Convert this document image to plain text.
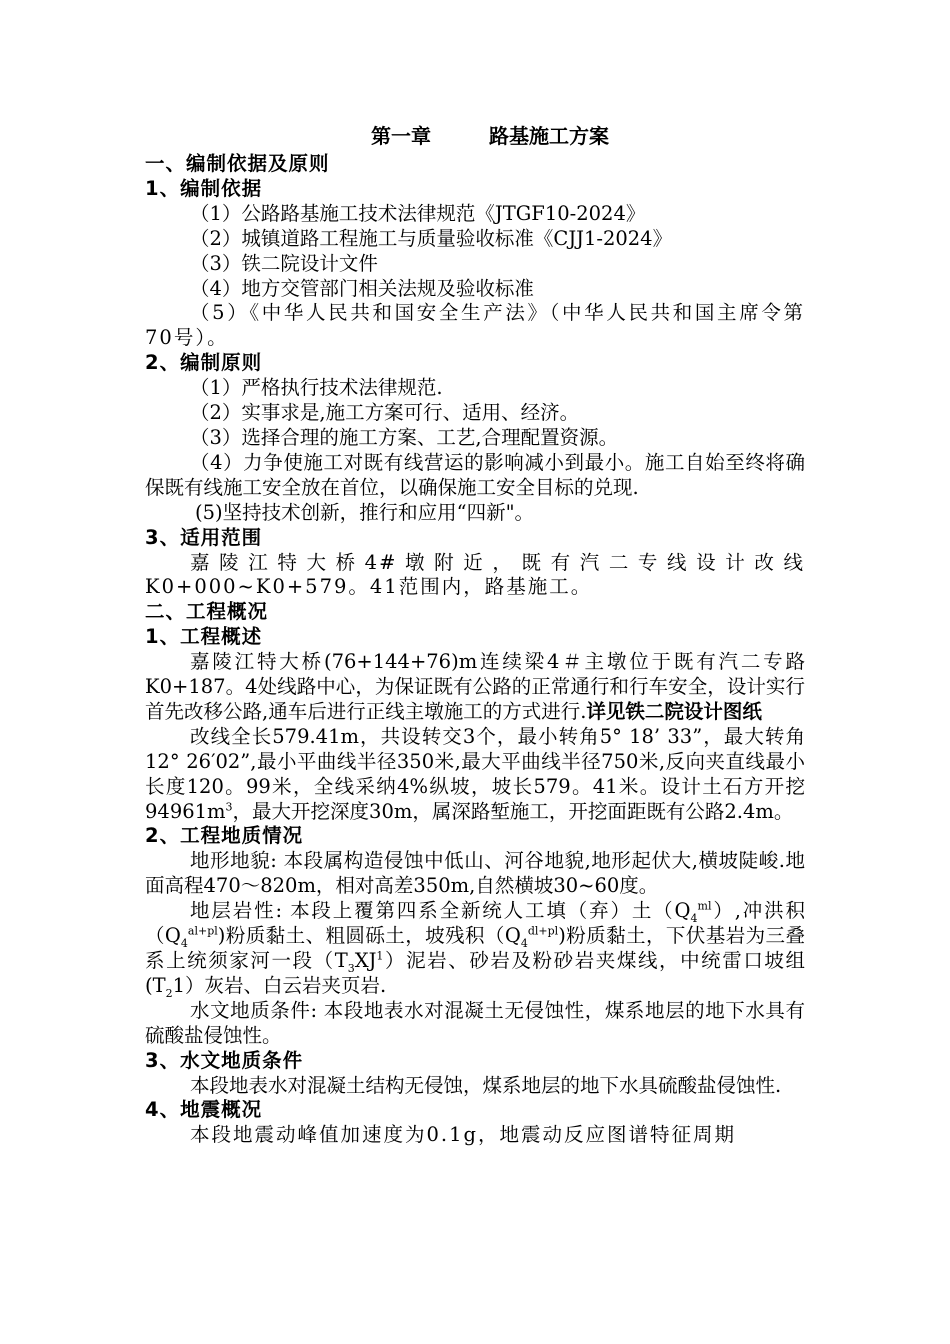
第一章	路基施工方案
一、编制依据及原则
1、编制依据
（1）公路路基施工技术法律规范《JTGF10-2024》
（2）城镇道路工程施工与质量验收标准《CJJ1-2024》
（3）铁二院设计文件
（4）地方交管部门相关法规及验收标准
（5）《中华人民共和国安全生产法》（中华人民共和国主席令第70号）。
2、编制原则
（1）严格执行技术法律规范.
（2）实事求是,施工方案可行、适用、经济。
（3）选择合理的施工方案、工艺,合理配置资源。
（4）力争使施工对既有线营运的影响减小到最小。施工自始至终将确保既有线施工安全放在首位，以确保施工安全目标的兑现.
(5)坚持技术创新，推行和应用“四新"。
3、适用范围
嘉陵江特大桥4#墩附近，既有汽二专线设计改线K0+000~K0+579。41范围内，路基施工。
二、工程概况
1、工程概述
嘉陵江特大桥(76+144+76)m连续梁4＃主墩位于既有汽二专路K0+187。4处线路中心，为保证既有公路的正常通行和行车安全，设计实行首先改移公路,通车后进行正线主墩施工的方式进行.详见铁二院设计图纸
改线全长579.41m，共设转交3个，最小转角5° 18’ 33”，最大转角12° 26′02”,最小平曲线半径350米,最大平曲线半径750米,反向夹直线最小长度120。99米，全线采纳4%纵坡，坡长579。41米。设计土石方开挖$94961m^3$，最大开挖深度30m，属深路堑施工，开挖面距既有公路2.4m。
2、工程地质情况
地形地貌: 本段属构造侵蚀中低山、河谷地貌,地形起伏大,横坡陡峻.地面高程470～820m，相对高差350m,自然横坡30~60度。
地层岩性: 本段上覆第四系全新统人工填（弃）土$(Q_4^{ml})$,冲洪积$(Q_4^{al+pl})$粉质黏土、粗圆砾土，坡残积$(Q_4^{dl+pl})$粉质黏土，下伏基岩为三叠系上统须家河一段$(T_3XJ^1)$泥岩、砂岩及粉砂岩夹煤线，中统雷口坡组$(T_21)$灰岩、白云岩夹页岩.
水文地质条件: 本段地表水对混凝土无侵蚀性，煤系地层的地下水具有硫酸盐侵蚀性。
3、水文地质条件
本段地表水对混凝土结构无侵蚀，煤系地层的地下水具硫酸盐侵蚀性.
4、地震概况
本段地震动峰值加速度为0.1g，地震动反应图谱特征周期
